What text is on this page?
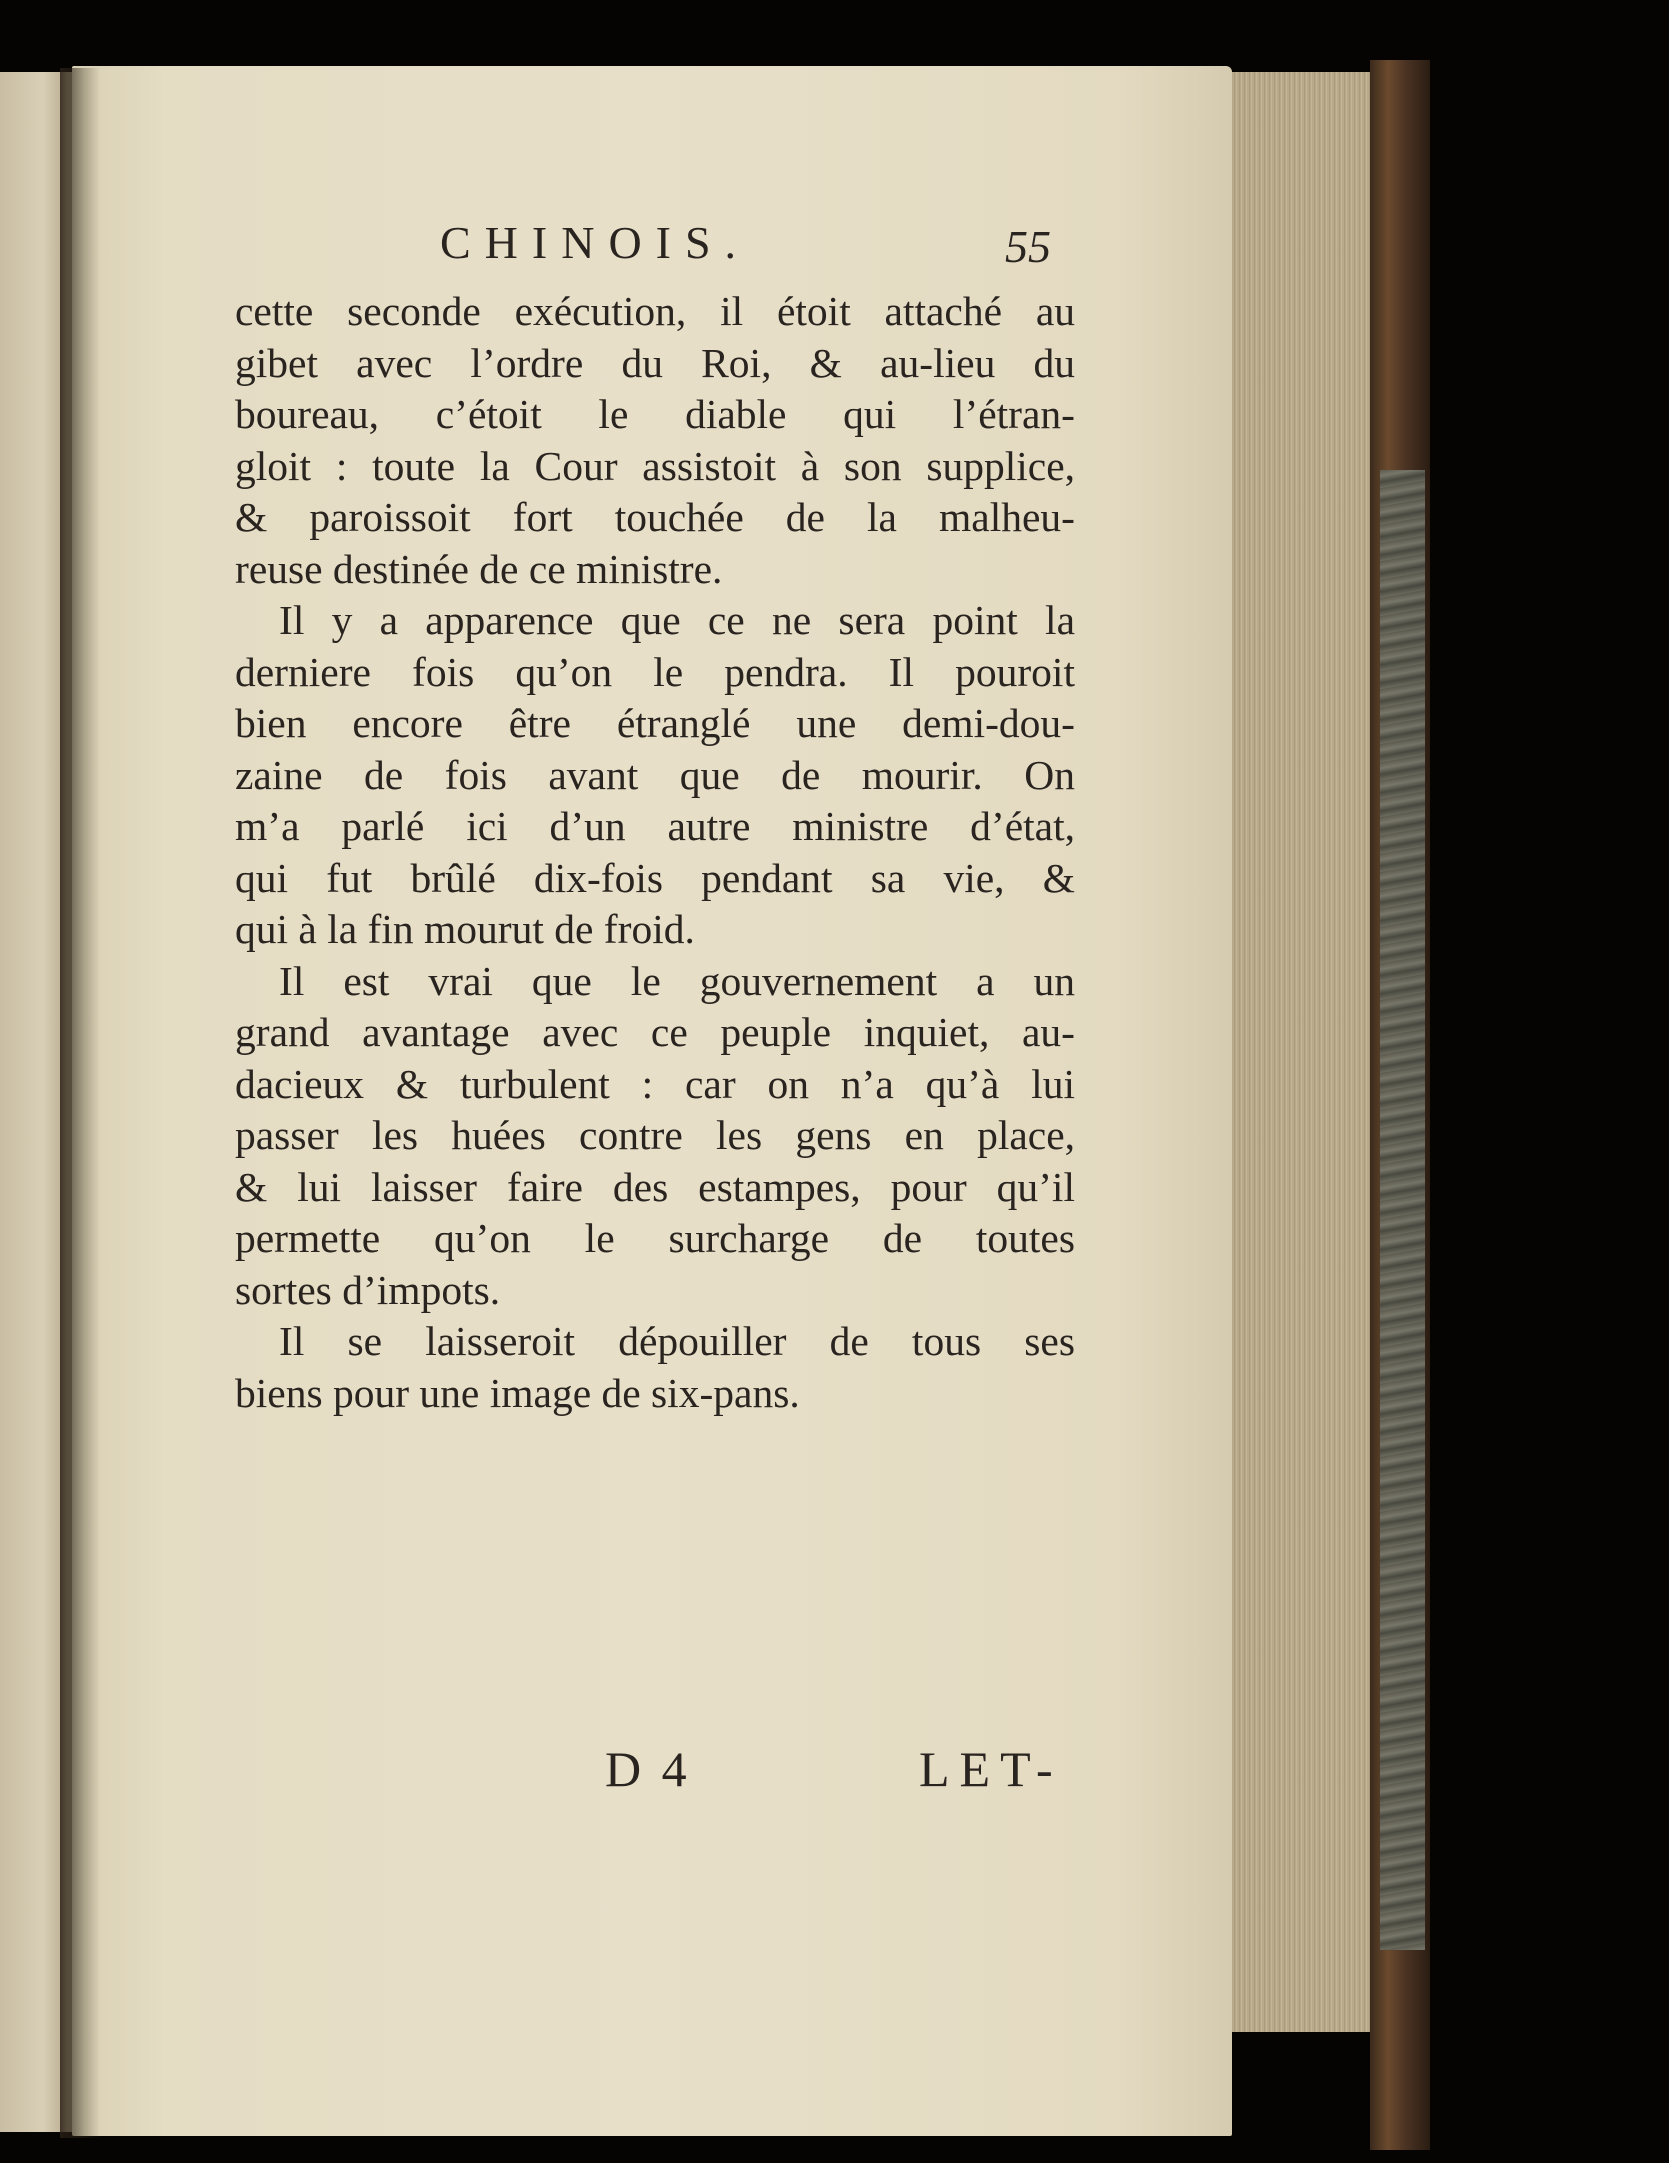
CHINOIS.	55
cette seconde exécution, il étoit attaché au
gibet avec l’ordre du Roi, & au-lieu du
boureau, c’étoit le diable qui l’étran-
gloit : toute la Cour assistoit à son supplice,
& paroissoit fort touchée de la malheu-
reuse destinée de ce ministre.
Il y a apparence que ce ne sera point la
derniere fois qu’on le pendra. Il pouroit
bien encore être étranglé une demi-dou-
zaine de fois avant que de mourir. On
m’a parlé ici d’un autre ministre d’état,
qui fut brûlé dix-fois pendant sa vie, &
qui à la fin mourut de froid.
Il est vrai que le gouvernement a un
grand avantage avec ce peuple inquiet, au-
dacieux & turbulent : car on n’a qu’à lui
passer les huées contre les gens en place,
& lui laisser faire des estampes, pour qu’il
permette qu’on le surcharge de toutes
sortes d’impots.
Il se laisseroit dépouiller de tous ses
biens pour une image de six-pans.
D 4	LET-
